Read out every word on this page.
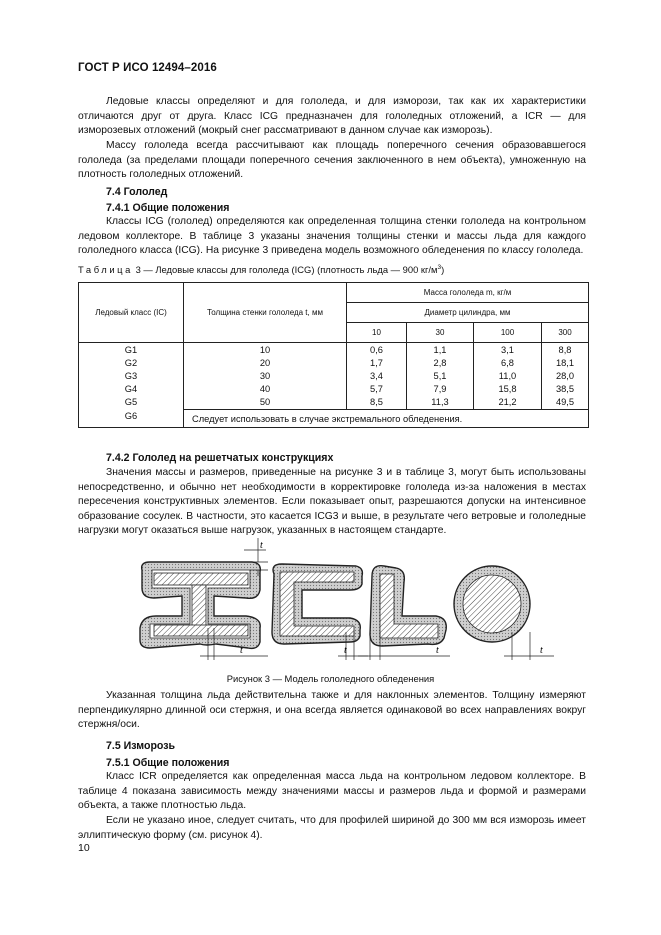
ГОСТ Р ИСО 12494–2016
Ледовые классы определяют и для гололеда, и для изморози, так как их характеристики отличаются друг от друга. Класс ICG предназначен для гололедных отложений, а ICR — для изморозевых отложений (мокрый снег рассматривают в данном случае как изморозь).
Массу гололеда всегда рассчитывают как площадь поперечного сечения образовавшегося гололеда (за пределами площади поперечного сечения заключенного в нем объекта), умноженную на плотность гололедных отложений.
7.4 Гололед
7.4.1 Общие положения
Классы ICG (гололед) определяются как определенная толщина стенки гололеда на контрольном ледовом коллекторе. В таблице 3 указаны значения толщины стенки и массы льда для каждого гололедного класса (ICG). На рисунке 3 приведена модель возможного обледенения по классу гололеда.
Таблица 3 — Ледовые классы для гололеда (ICG) (плотность льда — 900 $кг/м^3$)
Ледовый класс (IC)	Толщина стенки гололеда t, мм	Масса гололеда m, кг/м			
		Диаметр цилиндра, мм			
		10	30	100	300

G1	10	0,6	1,1	3,1	8,8
G2	20	1,7	2,8	6,8	18,1
G3	30	3,4	5,1	11,0	28,0
G4	40	5,7	7,9	15,8	38,5
G5	50	8,5	11,3	21,2	49,5
G6	Следует использовать в случае экстремального обледенения.				
7.4.2 Гололед на решетчатых конструкциях
Значения массы и размеров, приведенные на рисунке 3 и в таблице 3, могут быть использованы непосредственно, и обычно нет необходимости в корректировке гололеда из-за наложения в местах пересечения конструктивных элементов. Если показывает опыт, разрешаются допуски на интенсивное образование сосулек. В частности, это касается ICG3 и выше, в результате чего ветровые и гололедные нагрузки могут оказаться выше нагрузок, указанных в настоящем стандарте.
t
t	t	t	t
Рисунок 3 — Модель гололедного обледенения
Указанная толщина льда действительна также и для наклонных элементов. Толщину измеряют перпендикулярно длинной оси стержня, и она всегда является одинаковой во всех направлениях вокруг стержня/оси.
7.5 Изморозь
7.5.1 Общие положения
Класс ICR определяется как определенная масса льда на контрольном ледовом коллекторе. В таблице 4 показана зависимость между значениями массы и размеров льда и формой и размерами объекта, а также плотностью льда.
Если не указано иное, следует считать, что для профилей шириной до 300 мм вся изморозь имеет эллиптическую форму (см. рисунок 4).
10
